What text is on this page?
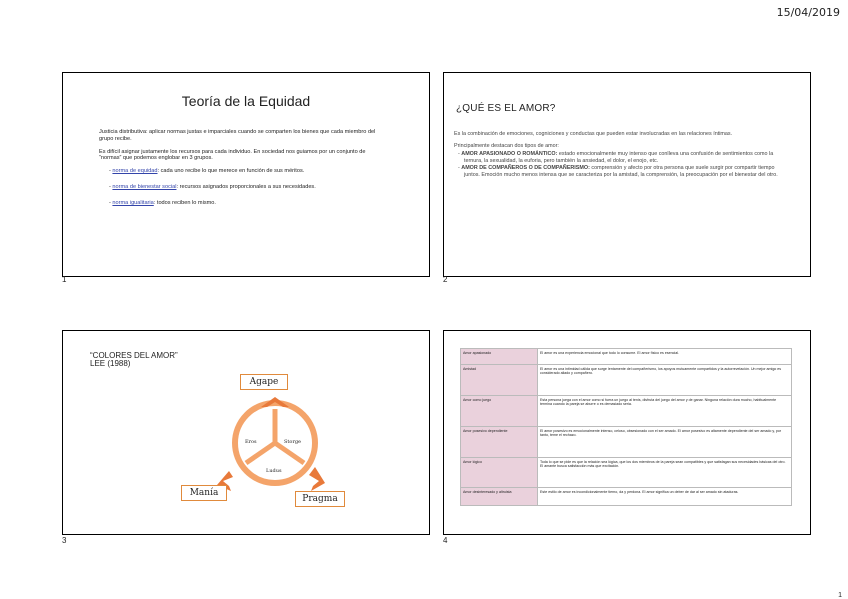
15/04/2019
Teoría de la Equidad

Justicia distributiva: aplicar normas justas e imparciales cuando se comparten los bienes que cada miembro del grupo recibe.

Es difícil asignar justamente los recursos para cada individuo. En sociedad nos guiamos por un conjunto de “normas” que podemos englobar en 3 grupos.

- norma de equidad: cada uno recibe lo que merece en función de sus méritos.
- norma de bienestar social: recursos asignados proporcionales a sus necesidades.
- norma igualitaria: todos reciben lo mismo.
1
¿QUÉ ES EL AMOR?

Es la combinación de emociones, cogniciones y conductas que pueden estar involucradas en las relaciones íntimas.

Principalmente destacan dos tipos de amor:

- AMOR APASIONADO O ROMÁNTICO: estado emocionalmente muy intenso que conlleva una confusión de sentimientos como la ternura, la sexualidad, la euforia, pero también la ansiedad, el dolor, el enojo, etc.

- AMOR DE COMPAÑEROS O DE COMPAÑERISMO: comprensión y afecto por otra persona que suele surgir por compartir tiempo juntos. Emoción mucho menos intensa que se caracteriza por la amistad, la comprensión, la preocupación por el bienestar del otro.

2
“COLORES DEL AMOR”
LEE (1988)
Agape
Manía
Pragma
Eros	Storge
Ludus
3
Amor apasionado	El amor es una experiencia emocional que todo lo consume. El amor físico es esencial.
Amistad	El amor es una intimidad cálida que surge lentamente del compañerismo, los apoyos mutuamente compartidos y la autorrevelación. Un mejor amigo es considerado aliado y compañero.
Amor como juego	Esta persona juega con el amor como si fuera un juego al tenis, disfruta del juego del amor y de ganar. Ninguna relación dura mucho, habitualmente termina cuando la pareja se aburre o es demasiado seria.
Amor posesivo dependiente	El amor posesivo es emocionalmente intenso, celoso, obsesionado con el ser amado. El amor posesivo es altamente dependiente del ser amado y, por tanto, teme el rechazo.
Amor lógico	Toda lo que se pide es que la relación sea lógica, que los dos miembros de la pareja sean compatibles y que satisfagan sus necesidades básicas del otro. El amante busca satisfacción más que excitación.
Amor desinteresado y altruista	Este estilo de amor es incondicionalmente tierno, da y perdona. El amor significa un deber de dar al ser amado sin ataduras.
4
1
